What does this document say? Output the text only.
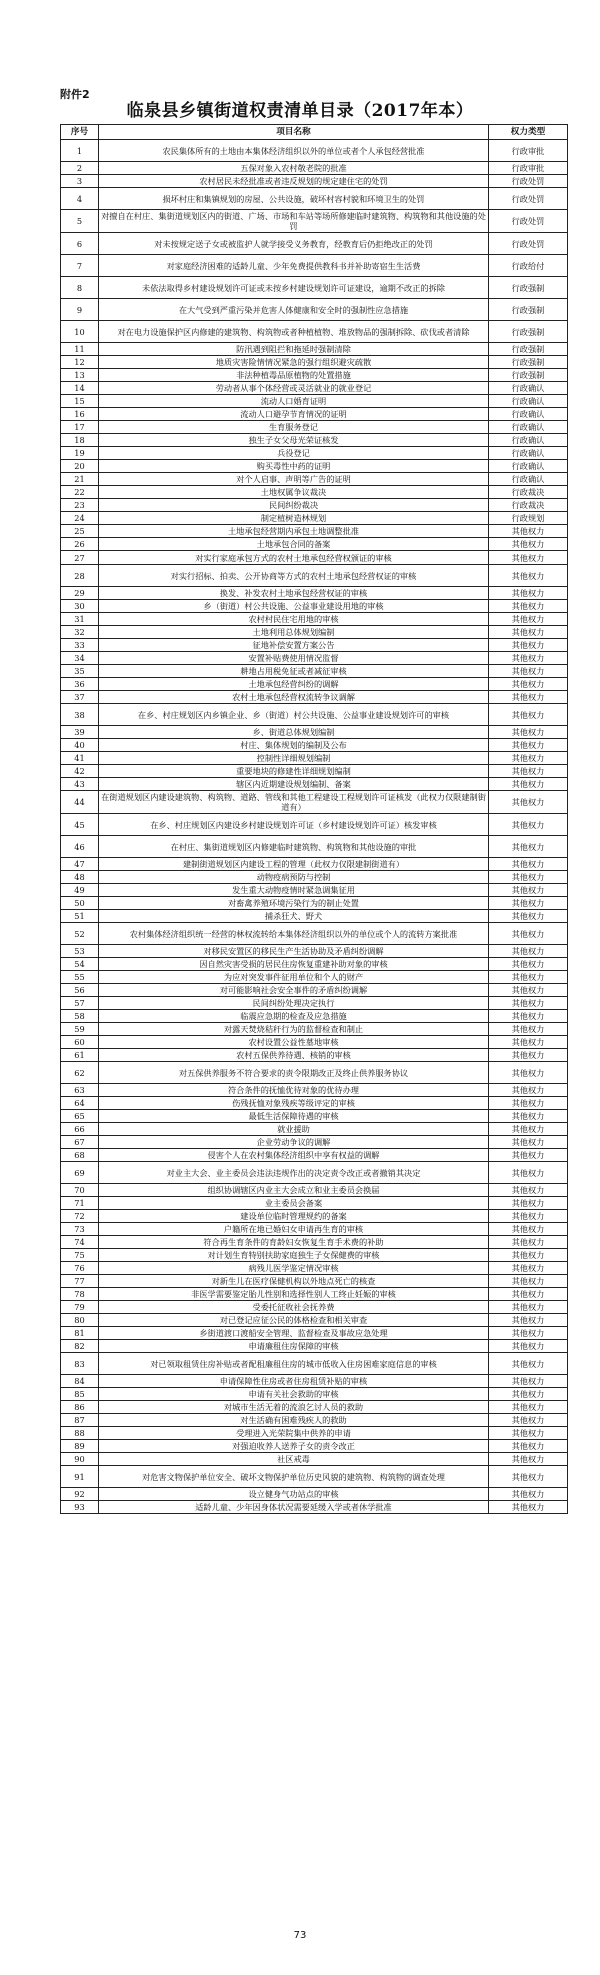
附件2
临泉县乡镇街道权责清单目录（2017年本）
序号	项目名称	权力类型
1	农民集体所有的土地由本集体经济组织以外的单位或者个人承包经营批准	行政审批
2	五保对象入农村敬老院的批准	行政审批
3	农村居民未经批准或者违反规划的规定建住宅的处罚	行政处罚
4	损坏村庄和集镇规划的房屋、公共设施，破坏村容村貌和环境卫生的处罚	行政处罚
5	对擅自在村庄、集街道规划区内的街道、广场、市场和车站等场所修建临时建筑物、构筑物和其他设施的处罚	行政处罚
6	对未按规定送子女或被监护人就学接受义务教育，经教育后仍拒绝改正的处罚	行政处罚
7	对家庭经济困难的适龄儿童、少年免费提供教科书并补助寄宿生生活费	行政给付
8	未依法取得乡村建设规划许可证或未按乡村建设规划许可证建设，逾期不改正的拆除	行政强制
9	在大气受到严重污染并危害人体健康和安全时的强制性应急措施	行政强制
10	对在电力设施保护区内修建的建筑物、构筑物或者种植植物、堆放物品的强制拆除、砍伐或者清除	行政强制
11	防汛遇到阻拦和拖延时强制清除	行政强制
12	地质灾害险情情况紧急的强行组织避灾疏散	行政强制
13	非法种植毒品原植物的处置措施	行政强制
14	劳动者从事个体经营或灵活就业的就业登记	行政确认
15	流动人口婚育证明	行政确认
16	流动人口避孕节育情况的证明	行政确认
17	生育服务登记	行政确认
18	独生子女父母光荣证核发	行政确认
19	兵役登记	行政确认
20	购买毒性中药的证明	行政确认
21	对个人启事、声明等广告的证明	行政确认
22	土地权属争议裁决	行政裁决
23	民间纠纷裁决	行政裁决
24	制定植树造林规划	行政规划
25	土地承包经营期内承包土地调整批准	其他权力
26	土地承包合同的备案	其他权力
27	对实行家庭承包方式的农村土地承包经营权颁证的审核	其他权力
28	对实行招标、拍卖、公开协商等方式的农村土地承包经营权证的审核	其他权力
29	换发、补发农村土地承包经营权证的审核	其他权力
30	乡（街道）村公共设施、公益事业建设用地的审核	其他权力
31	农村村民住宅用地的审核	其他权力
32	土地利用总体规划编制	其他权力
33	征地补偿安置方案公告	其他权力
34	安置补贴费使用情况监督	其他权力
35	耕地占用税免征或者减征审核	其他权力
36	土地承包经营纠纷的调解	其他权力
37	农村土地承包经营权流转争议调解	其他权力
38	在乡、村庄规划区内乡镇企业、乡（街道）村公共设施、公益事业建设规划许可的审核	其他权力
39	乡、街道总体规划编制	其他权力
40	村庄、集体规划的编制及公布	其他权力
41	控制性详细规划编制	其他权力
42	重要地块的修建性详细规划编制	其他权力
43	辖区内近期建设规划编制、备案	其他权力
44	在街道规划区内建设建筑物、构筑物、道路、管线和其他工程建设工程规划许可证核发（此权力仅限建制街道有）	其他权力
45	在乡、村庄规划区内建设乡村建设规划许可证（乡村建设规划许可证）核发审核	其他权力
46	在村庄、集街道规划区内修建临时建筑物、构筑物和其他设施的审批	其他权力
47	建制街道规划区内建设工程的管理（此权力仅限建制街道有）	其他权力
48	动物疫病预防与控制	其他权力
49	发生重大动物疫情时紧急调集征用	其他权力
50	对畜禽养殖环境污染行为的制止处置	其他权力
51	捕杀狂犬、野犬	其他权力
52	农村集体经济组织统一经营的林权流转给本集体经济组织以外的单位或个人的流转方案批准	其他权力
53	对移民安置区的移民生产生活协助及矛盾纠纷调解	其他权力
54	因自然灾害受损的居民住房恢复重建补助对象的审核	其他权力
55	为应对突发事件征用单位和个人的财产	其他权力
56	对可能影响社会安全事件的矛盾纠纷调解	其他权力
57	民间纠纷处理决定执行	其他权力
58	临震应急期的检查及应急措施	其他权力
59	对露天焚烧秸秆行为的监督检查和制止	其他权力
60	农村设置公益性墓地审核	其他权力
61	农村五保供养待遇、核销的审核	其他权力
62	对五保供养服务不符合要求的责令限期改正及终止供养服务协议	其他权力
63	符合条件的抚恤优待对象的优待办理	其他权力
64	伤残抚恤对象残疾等级评定的审核	其他权力
65	最低生活保障待遇的审核	其他权力
66	就业援助	其他权力
67	企业劳动争议的调解	其他权力
68	侵害个人在农村集体经济组织中享有权益的调解	其他权力
69	对业主大会、业主委员会违法违规作出的决定责令改正或者撤销其决定	其他权力
70	组织协调辖区内业主大会成立和业主委员会换届	其他权力
71	业主委员会备案	其他权力
72	建设单位临时管理规约的备案	其他权力
73	户籍所在地已婚妇女申请再生育的审核	其他权力
74	符合再生育条件的育龄妇女恢复生育手术费的补助	其他权力
75	对计划生育特别扶助家庭独生子女保健费的审核	其他权力
76	病残儿医学鉴定情况审核	其他权力
77	对新生儿在医疗保健机构以外地点死亡的核查	其他权力
78	非医学需要鉴定胎儿性别和选择性别人工终止妊娠的审核	其他权力
79	受委托征收社会抚养费	其他权力
80	对已登记应征公民的体格检查和相关审查	其他权力
81	乡街道渡口渡船安全管理、监督检查及事故应急处理	其他权力
82	申请廉租住房保障的审核	其他权力
83	对已领取租赁住房补贴或者配租廉租住房的城市低收入住房困难家庭信息的审核	其他权力
84	申请保障性住房或者住房租赁补贴的审核	其他权力
85	申请有关社会救助的审核	其他权力
86	对城市生活无着的流浪乞讨人员的救助	其他权力
87	对生活确有困难残疾人的救助	其他权力
88	受理进入光荣院集中供养的申请	其他权力
89	对强迫收养人送养子女的责令改正	其他权力
90	社区戒毒	其他权力
91	对危害文物保护单位安全、破坏文物保护单位历史风貌的建筑物、构筑物的调查处理	其他权力
92	设立健身气功站点的审核	其他权力
93	适龄儿童、少年因身体状况需要延缓入学或者休学批准	其他权力
73
